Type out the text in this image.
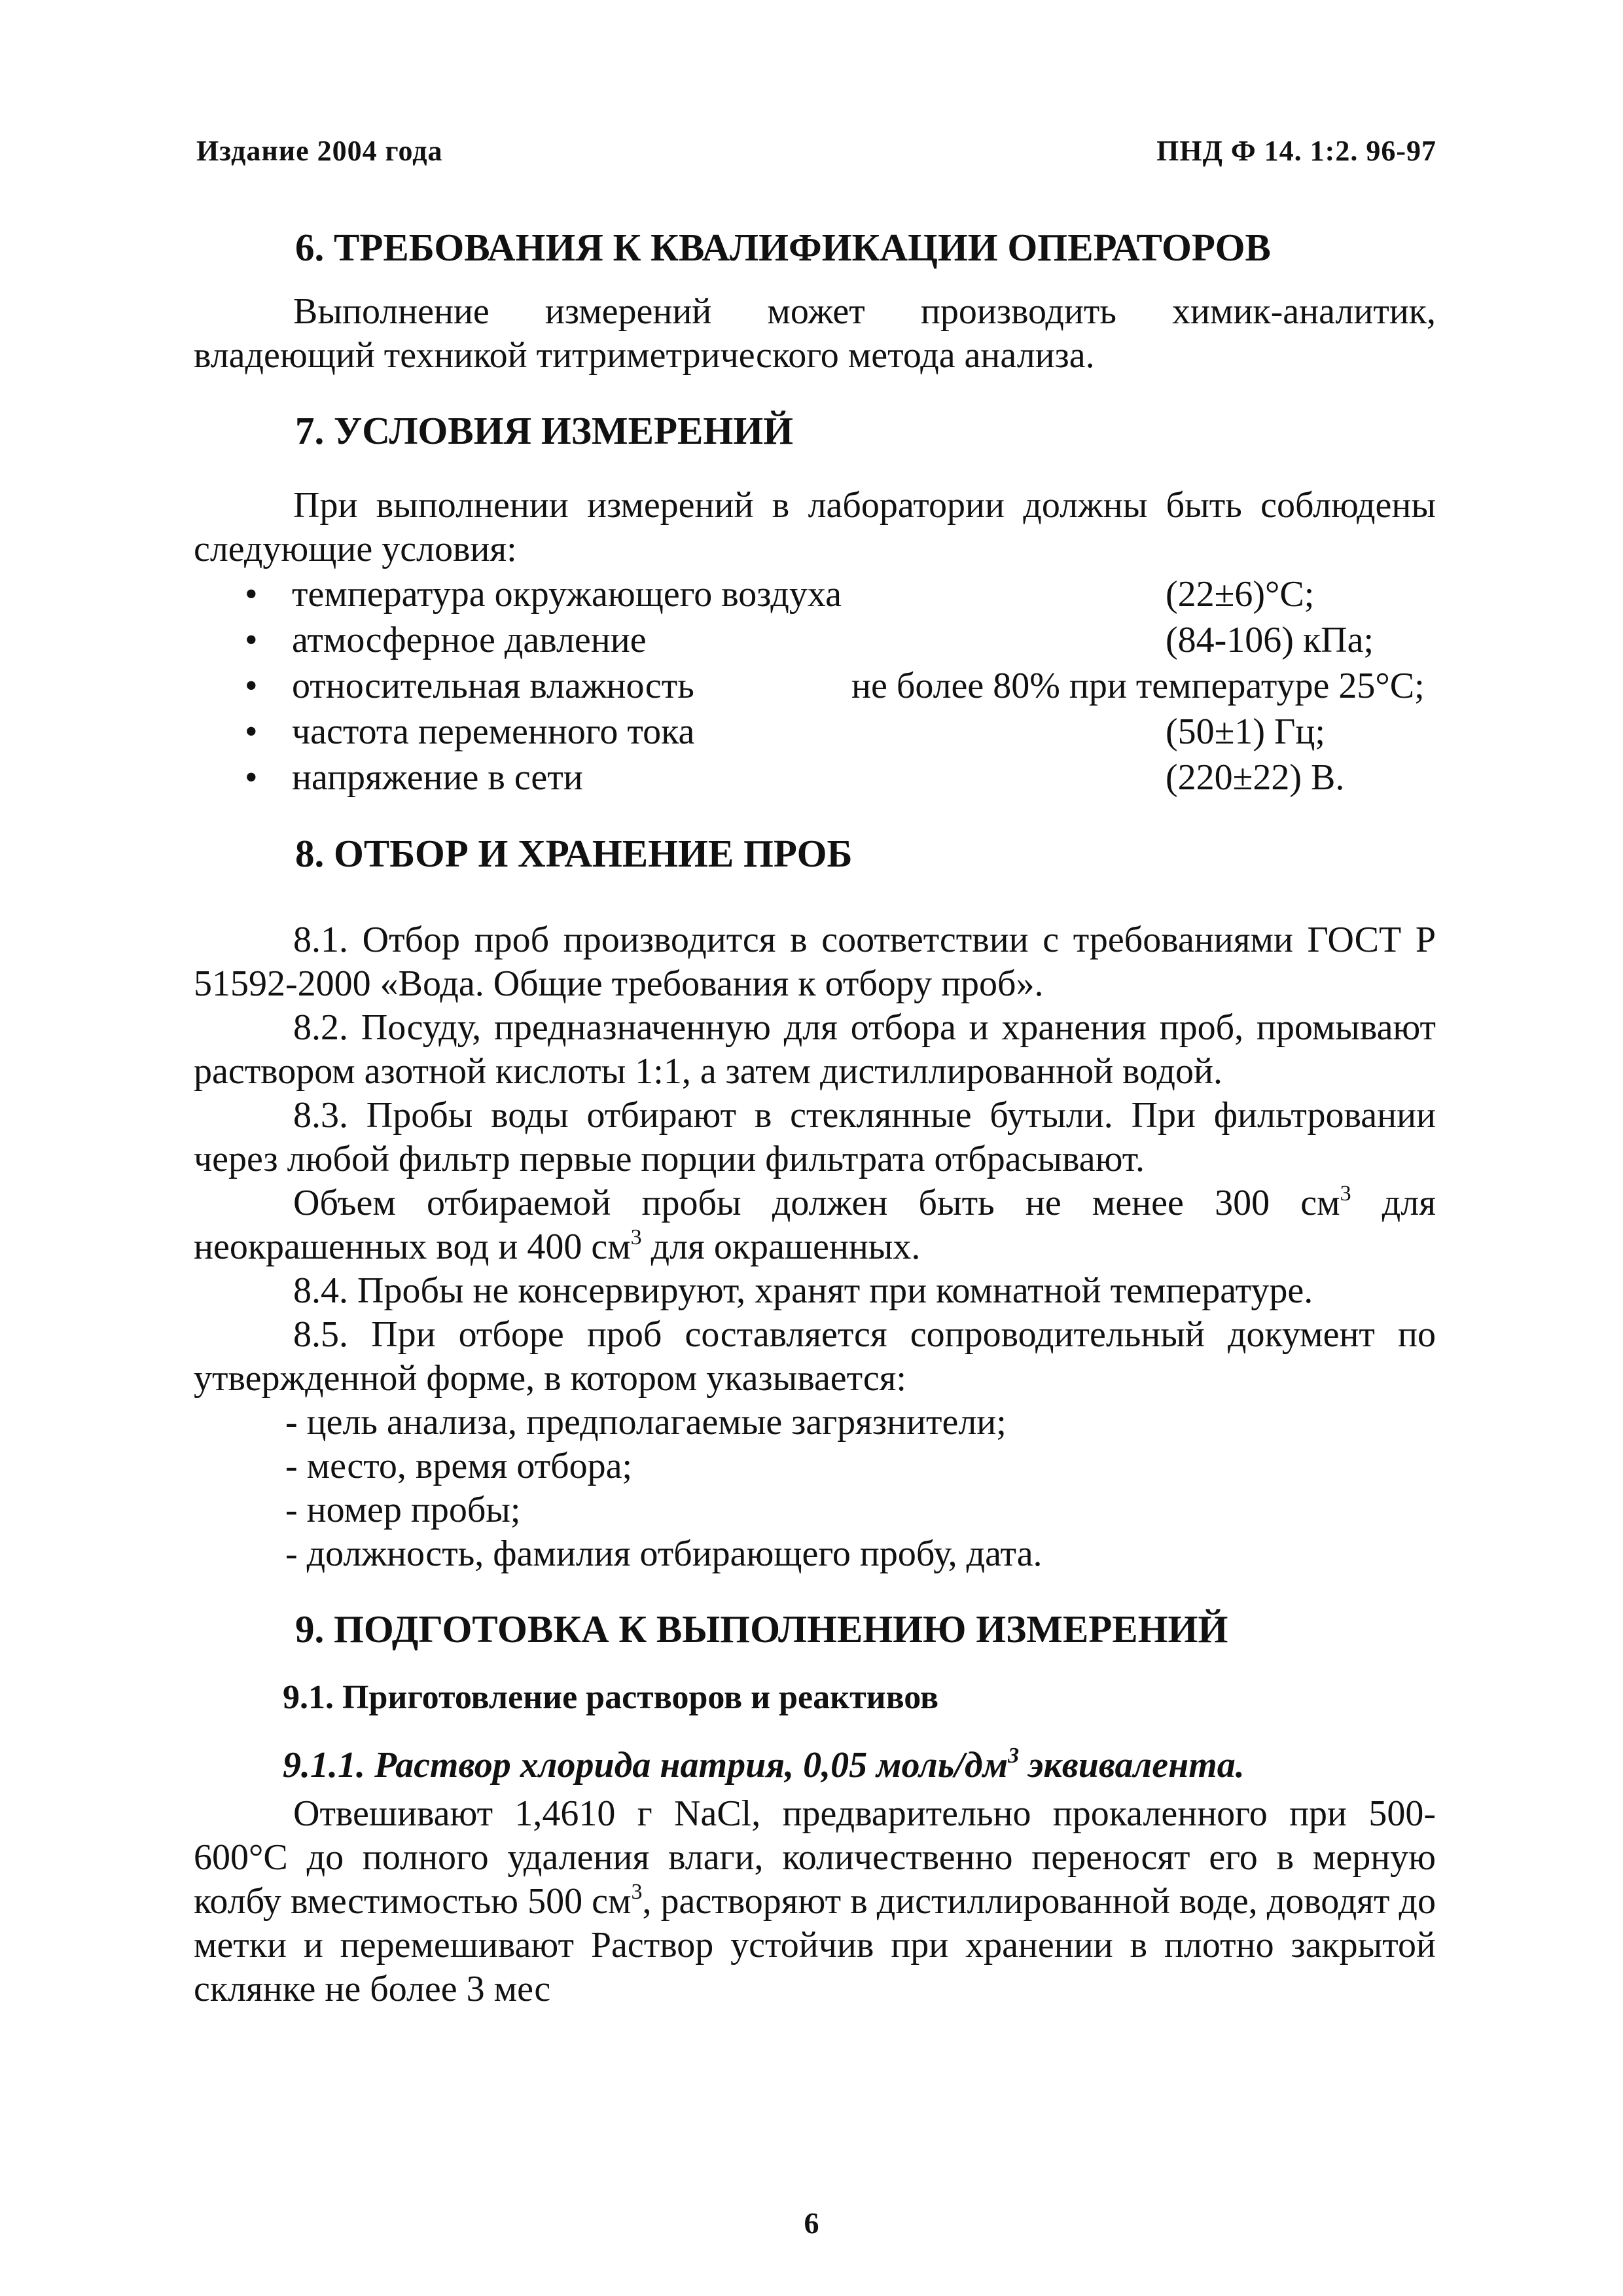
Издание 2004 года	ПНД Ф 14. 1:2. 96-97
6. ТРЕБОВАНИЯ К КВАЛИФИКАЦИИ ОПЕРАТОРОВ

Выполнение измерений может производить химик-аналитик, владеющий техникой титриметрического метода анализа.

7. УСЛОВИЯ ИЗМЕРЕНИЙ

При выполнении измерений в лаборатории должны быть соблюдены следующие условия:

• температура окружающего воздуха	(22±6)°С;
• атмосферное давление	(84-106) кПа;
• относительная влажность	не более 80% при температуре 25°С;
• частота переменного тока	(50±1) Гц;
• напряжение в сети	(220±22) В.
8. ОТБОР И ХРАНЕНИЕ ПРОБ

8.1. Отбор проб производится в соответствии с требованиями ГОСТ Р 51592-2000 «Вода. Общие требования к отбору проб».

8.2. Посуду, предназначенную для отбора и хранения проб, промывают раствором азотной кислоты 1:1, а затем дистиллированной водой.

8.3. Пробы воды отбирают в стеклянные бутыли. При фильтровании через любой фильтр первые порции фильтрата отбрасывают.

Объем отбираемой пробы должен быть не менее 300 $см^3$ для неокрашенных вод и 400 $см^3$ для окрашенных.

8.4. Пробы не консервируют, хранят при комнатной температуре.

8.5. При отборе проб составляется сопроводительный документ по утвержденной форме, в котором указывается:

- цель анализа, предполагаемые загрязнители;
- место, время отбора;
- номер пробы;
- должность, фамилия отбирающего пробу, дата.
9. ПОДГОТОВКА К ВЫПОЛНЕНИЮ ИЗМЕРЕНИЙ
9.1. Приготовление растворов и реактивов
9.1.1. Раствор хлорида натрия, 0,05 моль/$дм^3$ эквивалента.

Отвешивают 1,4610 г NaCl, предварительно прокаленного при 500-600°С до полного удаления влаги, количественно переносят его в мерную колбу вместимостью 500 $см^3$, растворяют в дистиллированной воде, доводят до метки и перемешивают Раствор устойчив при хранении в плотно закрытой склянке не более 3 мес

6
